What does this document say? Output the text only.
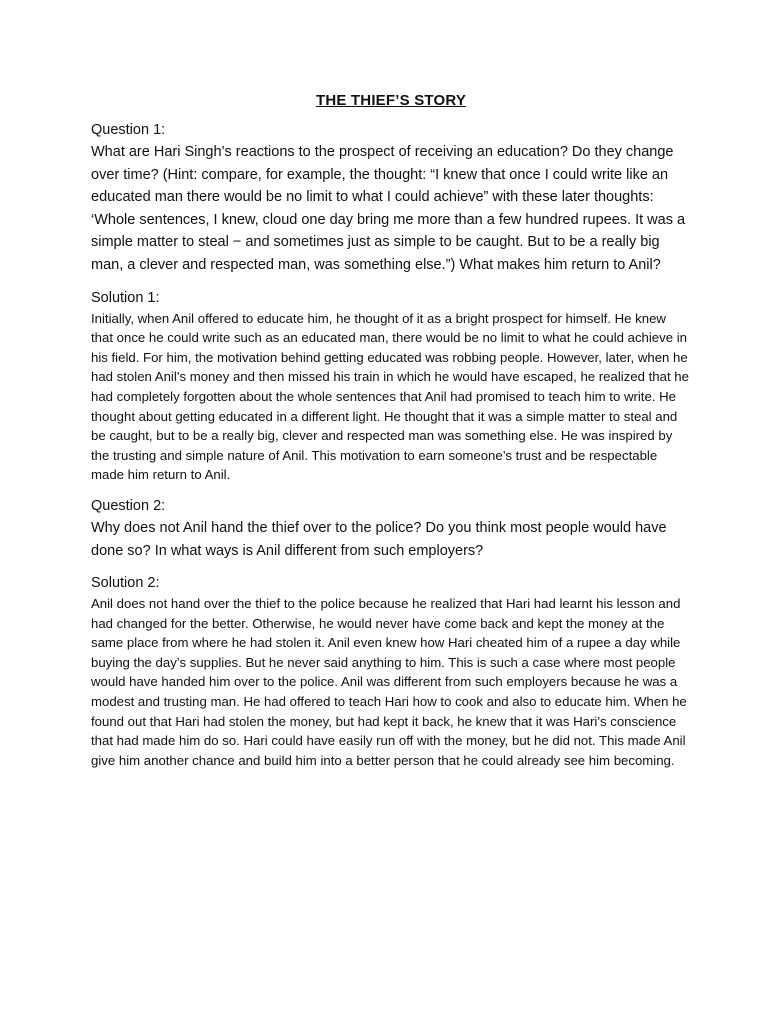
THE THIEF’S STORY

Question 1:

What are Hari Singh’s reactions to the prospect of receiving an education? Do they change over time? (Hint: compare, for example, the thought: “I knew that once I could write like an educated man there would be no limit to what I could achieve” with these later thoughts: ‘Whole sentences, I knew, cloud one day bring me more than a few hundred rupees. It was a simple matter to steal − and sometimes just as simple to be caught. But to be a really big man, a clever and respected man, was something else.”) What makes him return to Anil?

Solution 1:

Initially, when Anil offered to educate him, he thought of it as a bright prospect for himself. He knew that once he could write such as an educated man, there would be no limit to what he could achieve in his field. For him, the motivation behind getting educated was robbing people. However, later, when he had stolen Anil’s money and then missed his train in which he would have escaped, he realized that he had completely forgotten about the whole sentences that Anil had promised to teach him to write. He thought about getting educated in a different light. He thought that it was a simple matter to steal and be caught, but to be a really big, clever and respected man was something else. He was inspired by the trusting and simple nature of Anil. This motivation to earn someone’s trust and be respectable made him return to Anil.

Question 2:

Why does not Anil hand the thief over to the police? Do you think most people would have done so? In what ways is Anil different from such employers?

Solution 2:

Anil does not hand over the thief to the police because he realized that Hari had learnt his lesson and had changed for the better. Otherwise, he would never have come back and kept the money at the same place from where he had stolen it. Anil even knew how Hari cheated him of a rupee a day while buying the day’s supplies. But he never said anything to him. This is such a case where most people would have handed him over to the police. Anil was different from such employers because he was a modest and trusting man. He had offered to teach Hari how to cook and also to educate him. When he found out that Hari had stolen the money, but had kept it back, he knew that it was Hari’s conscience that had made him do so. Hari could have easily run off with the money, but he did not. This made Anil give him another chance and build him into a better person that he could already see him becoming.
